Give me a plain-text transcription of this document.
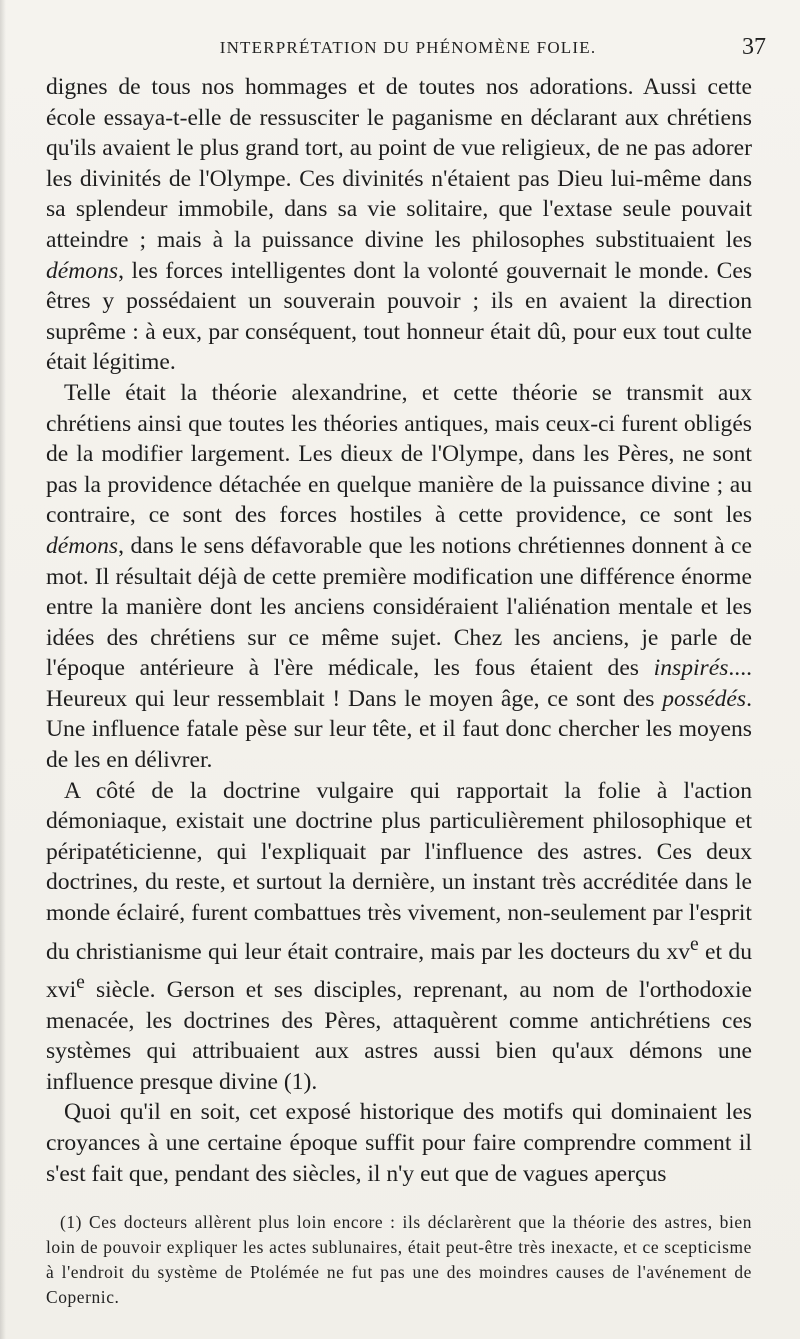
INTERPRÉTATION DU PHÉNOMÈNE FOLIE.	37

dignes de tous nos hommages et de toutes nos adorations. Aussi cette école essaya-t-elle de ressusciter le paganisme en déclarant aux chrétiens qu'ils avaient le plus grand tort, au point de vue religieux, de ne pas adorer les divinités de l'Olympe. Ces divinités n'étaient pas Dieu lui-même dans sa splendeur immobile, dans sa vie solitaire, que l'extase seule pouvait atteindre ; mais à la puissance divine les philosophes substituaient les démons, les forces intelligentes dont la volonté gouvernait le monde. Ces êtres y possédaient un souverain pouvoir ; ils en avaient la direction suprême : à eux, par conséquent, tout honneur était dû, pour eux tout culte était légitime.

Telle était la théorie alexandrine, et cette théorie se transmit aux chrétiens ainsi que toutes les théories antiques, mais ceux-ci furent obligés de la modifier largement. Les dieux de l'Olympe, dans les Pères, ne sont pas la providence détachée en quelque manière de la puissance divine ; au contraire, ce sont des forces hostiles à cette providence, ce sont les démons, dans le sens défavorable que les notions chrétiennes donnent à ce mot. Il résultait déjà de cette première modification une différence énorme entre la manière dont les anciens considéraient l'aliénation mentale et les idées des chrétiens sur ce même sujet. Chez les anciens, je parle de l'époque antérieure à l'ère médicale, les fous étaient des inspirés.... Heureux qui leur ressemblait ! Dans le moyen âge, ce sont des possédés. Une influence fatale pèse sur leur tête, et il faut donc chercher les moyens de les en délivrer.

A côté de la doctrine vulgaire qui rapportait la folie à l'action démoniaque, existait une doctrine plus particulièrement philosophique et péripatéticienne, qui l'expliquait par l'influence des astres. Ces deux doctrines, du reste, et surtout la dernière, un instant très accréditée dans le monde éclairé, furent combattues très vivement, non-seulement par l'esprit du christianisme qui leur était contraire, mais par les docteurs du $xv^e$ et du xvi$^e$ siècle. Gerson et ses disciples, reprenant, au nom de l'orthodoxie menacée, les doctrines des Pères, attaquèrent comme antichrétiens ces systèmes qui attribuaient aux astres aussi bien qu'aux démons une influence presque divine (1).

Quoi qu'il en soit, cet exposé historique des motifs qui dominaient les croyances à une certaine époque suffit pour faire comprendre comment il s'est fait que, pendant des siècles, il n'y eut que de vagues aperçus

(1) Ces docteurs allèrent plus loin encore : ils déclarèrent que la théorie des astres, bien loin de pouvoir expliquer les actes sublunaires, était peut-être très inexacte, et ce scepticisme à l'endroit du système de Ptolémée ne fut pas une des moindres causes de l'avénement de Copernic.
